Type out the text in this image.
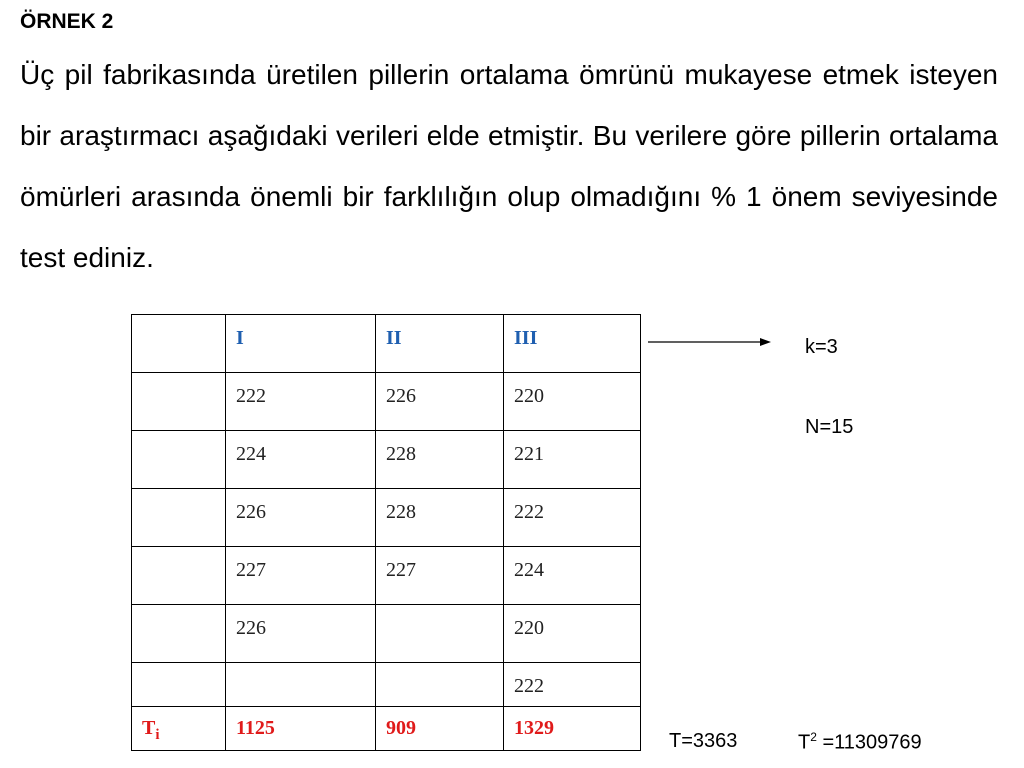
ÖRNEK 2
Üç pil fabrikasında üretilen pillerin ortalama ömrünü mukayese etmek isteyen bir araştırmacı aşağıdaki verileri elde etmiştir. Bu verilere göre pillerin ortalama ömürleri arasında önemli bir farklılığın olup olmadığını % 1 önem seviyesinde test ediniz.
	I	II	III
	222	226	220
	224	228	221
	226	228	222
	227	227	224
	226		220
			222
$T_i$	1125	909	1329
k=3
N=15
T=3363	$T^2 =11309769$
